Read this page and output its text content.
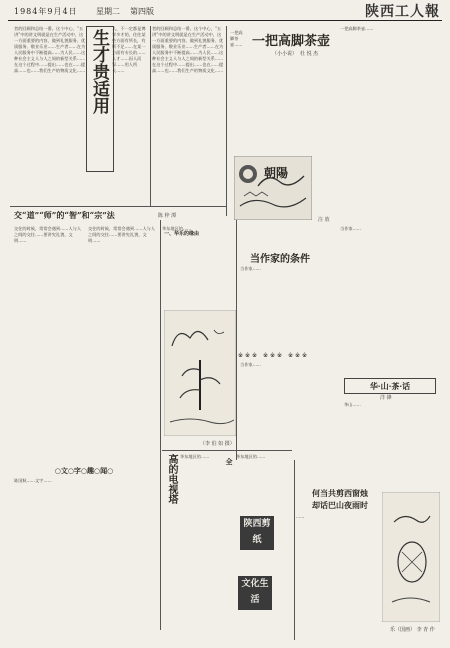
1984年9月4日 星期二 第四版	陕西工人報
者的回顾和总结一番。这个中心，“五讲”中的讲文明就是在生产活动中，这一方面重要的内容，做到礼貌服务、优质服务、敬业乐业……生产者……在为人民服务中不断提高……为人民……这种社会主义人与人之间的新型关系……在这个过程中……提出……也在……提高……也……我们生产的物质文化…… 生才贵适用
人，不一定都是博学多才的，往往某些方面有所长，有所不足……在某一方面有专长的……人才……因人而异……用人所长……
者的回顾和总结一番。这个中心，“五讲”中的讲文明就是在生产活动中，这一方面重要的内容，做到礼貌服务、优质服务、敬业乐业……生产者……在为人民服务中不断提高……为人民……这种社会主义人与人之间的新型关系……在这个过程中……提出……也在……提高……也……我们生产的物质文化……
一把高脚茶壶
（小小说） 杜 悦 杰
一把高脚茶壶……
一把高脚茶壶……
朝陽
注 放
交“道”“师”的“智”和“宗”法	陈 梓 潭
交往的时候，常常会遇到……人与人之间的交往……要讲究礼貌、文明……
交往的时候，常常会遇到……人与人之间的交往……要讲究礼貌、文明……
华东地区的……
一、华乐的缘由
当作家的条件
当作家……
当作家……
※※※ ※※※ ※※※
当作家……
华·山·茶·话
洋 锋
华山……
（李 伯 如 摄）
高的电视塔 华东地区的……
全
华东地区的……
陕西剪纸
文化生活
○文○字○趣○闻○
陈国秋……文字……
何当共剪西窗烛
却话巴山夜雨时
……
乐（国画） 李 青 作
